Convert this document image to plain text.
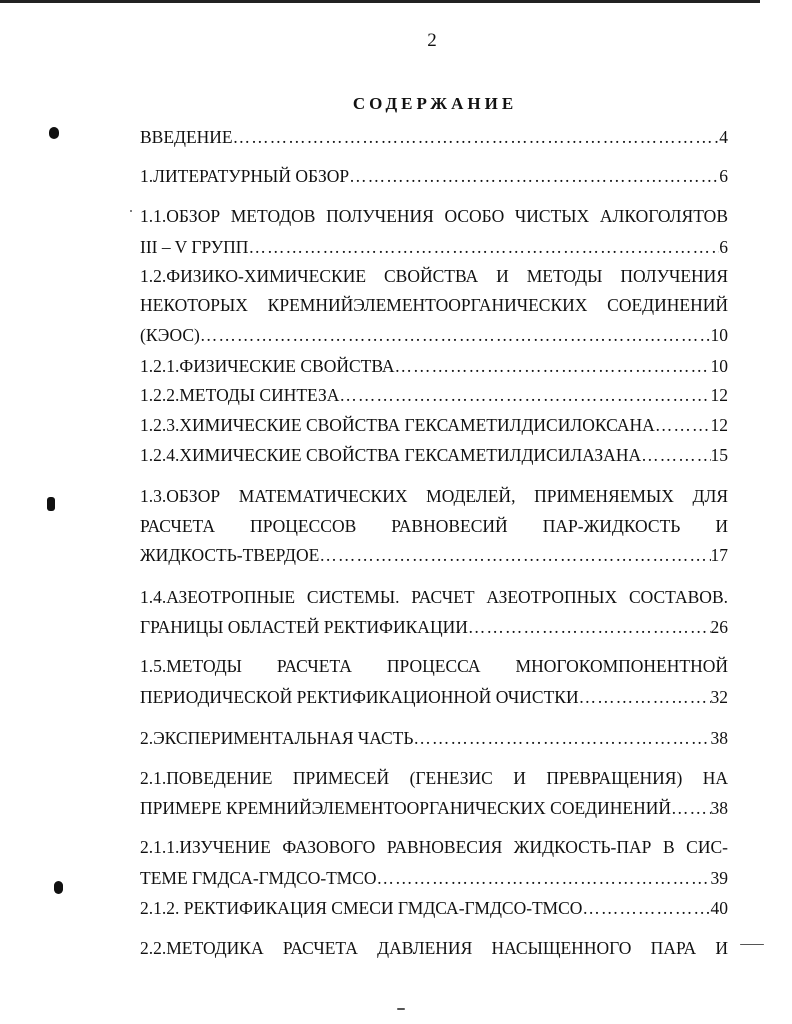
2
СОДЕРЖАНИЕ
ВВЕДЕНИЕ …………………………………………………………………………………………………………………………	4
1.ЛИТЕРАТУРНЫЙ ОБЗОР …………………………………………………………………………………………………………………………	6
1.1.ОБЗОР МЕТОДОВ ПОЛУЧЕНИЯ ОСОБО ЧИСТЫХ АЛКОГОЛЯТОВ
III – V ГРУПП …………………………………………………………………………………………………………………………	6
1.2.ФИЗИКО-ХИМИЧЕСКИЕ СВОЙСТВА И МЕТОДЫ ПОЛУЧЕНИЯ
НЕКОТОРЫХ КРЕМНИЙЭЛЕМЕНТООРГАНИЧЕСКИХ СОЕДИНЕНИЙ
(КЭОС) …………………………………………………………………………………………………………………………	10
1.2.1.ФИЗИЧЕСКИЕ СВОЙСТВА …………………………………………………………………………………………………………………………	10
1.2.2.МЕТОДЫ СИНТЕЗА …………………………………………………………………………………………………………………………	12
1.2.3.ХИМИЧЕСКИЕ СВОЙСТВА ГЕКСАМЕТИЛДИСИЛОКСАНА …………………………………………………………………………………………………………………………	12
1.2.4.ХИМИЧЕСКИЕ СВОЙСТВА ГЕКСАМЕТИЛДИСИЛАЗАНА …………………………………………………………………………………………………………………………	15
1.3.ОБЗОР МАТЕМАТИЧЕСКИХ МОДЕЛЕЙ, ПРИМЕНЯЕМЫХ ДЛЯ
РАСЧЕТА ПРОЦЕССОВ РАВНОВЕСИЙ ПАР-ЖИДКОСТЬ И
ЖИДКОСТЬ-ТВЕРДОЕ …………………………………………………………………………………………………………………………	17
1.4.АЗЕОТРОПНЫЕ СИСТЕМЫ. РАСЧЕТ АЗЕОТРОПНЫХ СОСТАВОВ.
ГРАНИЦЫ ОБЛАСТЕЙ РЕКТИФИКАЦИИ …………………………………………………………………………………………………………………………	26
1.5.МЕТОДЫ РАСЧЕТА ПРОЦЕССА МНОГОКОМПОНЕНТНОЙ
ПЕРИОДИЧЕСКОЙ РЕКТИФИКАЦИОННОЙ ОЧИСТКИ …………………………………………………………………………………………………………………………	32
2.ЭКСПЕРИМЕНТАЛЬНАЯ ЧАСТЬ …………………………………………………………………………………………………………………………	38
2.1.ПОВЕДЕНИЕ ПРИМЕСЕЙ (ГЕНЕЗИС И ПРЕВРАЩЕНИЯ) НА
ПРИМЕРЕ КРЕМНИЙЭЛЕМЕНТООРГАНИЧЕСКИХ СОЕДИНЕНИЙ ………………………………………………………………………………………………………………………… 38
2.1.1.ИЗУЧЕНИЕ ФАЗОВОГО РАВНОВЕСИЯ ЖИДКОСТЬ-ПАР В СИС-
ТЕМЕ ГМДСА-ГМДСО-ТМСО …………………………………………………………………………………………………………………………	39
2.1.2. РЕКТИФИКАЦИЯ СМЕСИ ГМДСА-ГМДСО-ТМСО …………………………………………………………………………………………………………………………	40
2.2.МЕТОДИКА РАСЧЕТА ДАВЛЕНИЯ НАСЫЩЕННОГО ПАРА И
